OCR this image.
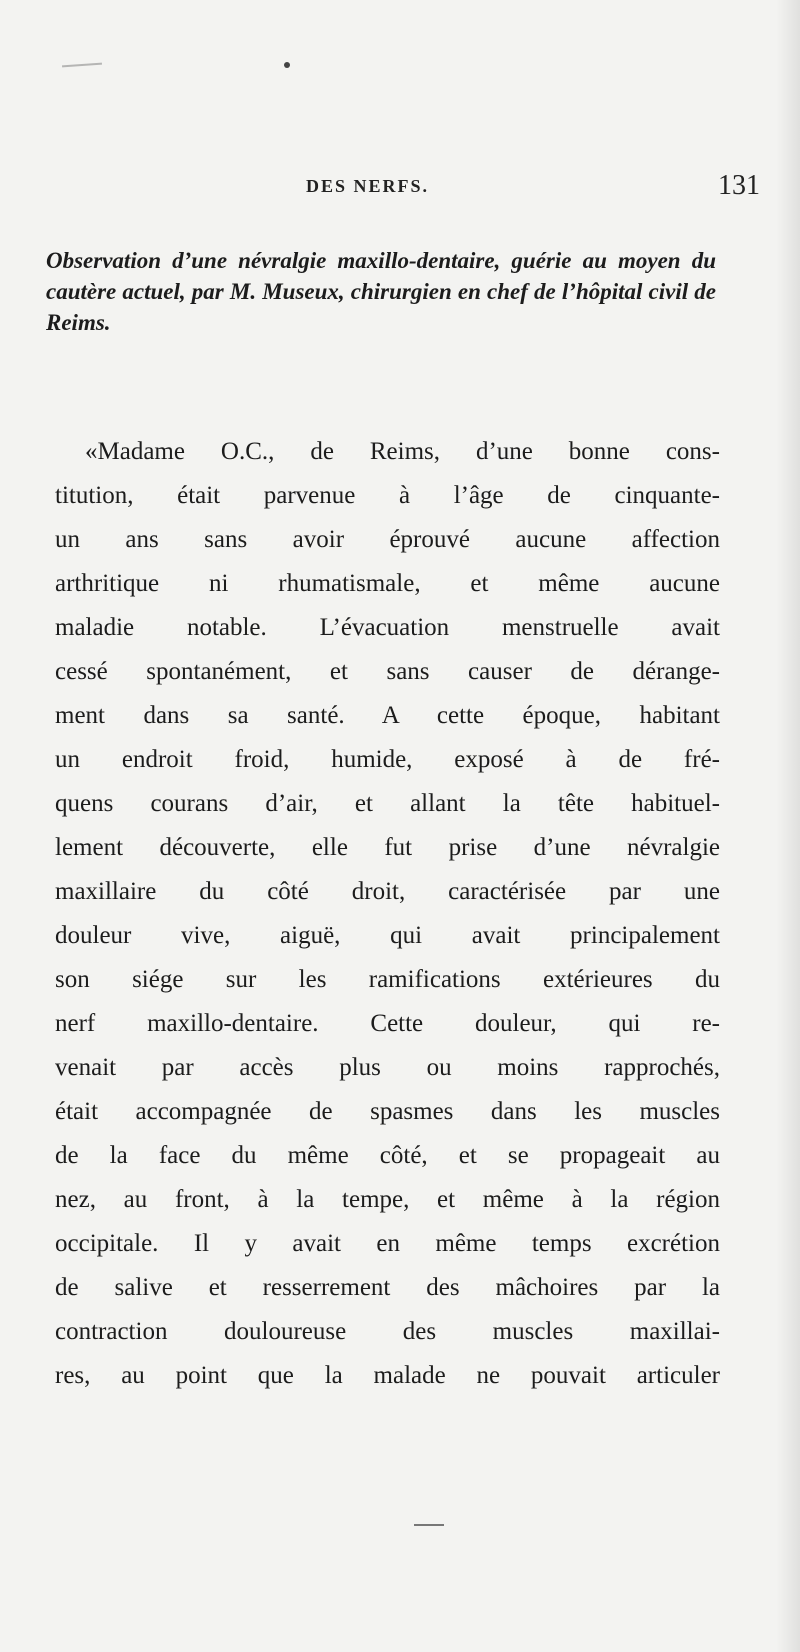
DES NERFS.	131

Observation d’une névralgie maxillo-dentaire, guérie au moyen du cautère actuel, par M. Museux, chirurgien en chef de l’hôpital civil de Reims.

«Madame O.C., de Reims, d’une bonne cons-
titution, était parvenue à l’âge de cinquante-
un ans sans avoir éprouvé aucune affection
arthritique ni rhumatismale, et même aucune
maladie notable. L’évacuation menstruelle avait
cessé spontanément, et sans causer de dérange-
ment dans sa santé. A cette époque, habitant
un endroit froid, humide, exposé à de fré-
quens courans d’air, et allant la tête habituel-
lement découverte, elle fut prise d’une névralgie
maxillaire du côté droit, caractérisée par une
douleur vive, aiguë, qui avait principalement
son siége sur les ramifications extérieures du
nerf maxillo-dentaire. Cette douleur, qui re-
venait par accès plus ou moins rapprochés,
était accompagnée de spasmes dans les muscles
de la face du même côté, et se propageait au
nez, au front, à la tempe, et même à la région
occipitale. Il y avait en même temps excrétion
de salive et resserrement des mâchoires par la
contraction douloureuse des muscles maxillai-
res, au point que la malade ne pouvait articuler
